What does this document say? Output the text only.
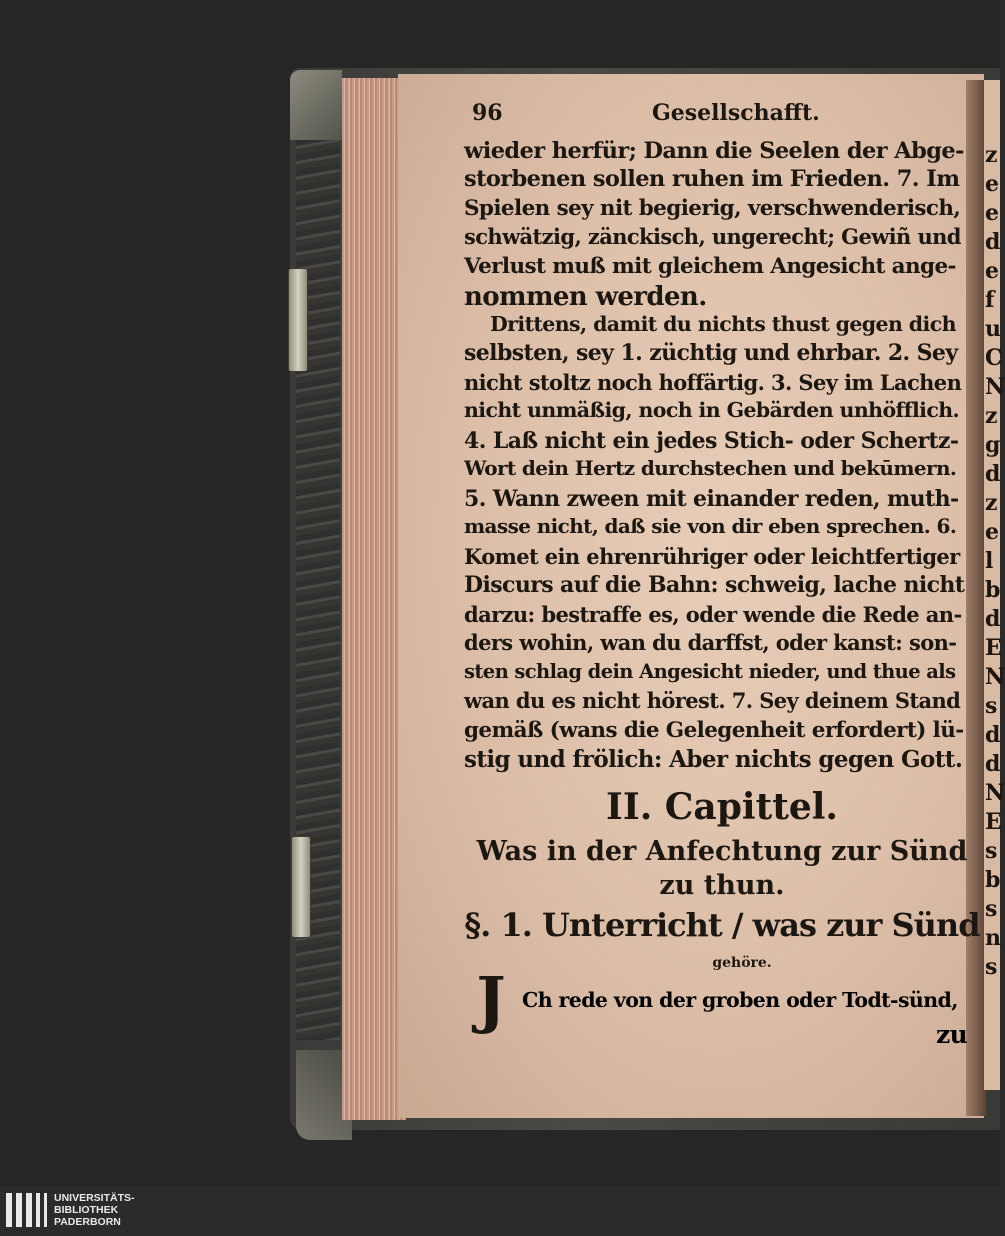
z
e
e
d
e
f
u
C
N
z
g
d
z
e
l
b
d
E
N
s
d
d
N
E
s
b
s
n
s
96	Gesellschafft.
wieder herfür; Dann die Seelen der Abge-
storbenen sollen ruhen im Frieden. 7. Im
Spielen sey nit begierig, verschwenderisch,
schwätzig, zänckisch, ungerecht; Gewiñ und
Verlust muß mit gleichem Angesicht ange-
nommen werden.
Drittens, damit du nichts thust gegen dich
selbsten, sey 1. züchtig und ehrbar. 2. Sey
nicht stoltz noch hoffärtig. 3. Sey im Lachen
nicht unmäßig, noch in Gebärden unhöfflich.
4. Laß nicht ein jedes Stich- oder Schertz-
Wort dein Hertz durchstechen und bekūmern.
5. Wann zween mit einander reden, muth-
masse nicht, daß sie von dir eben sprechen. 6.
Komet ein ehrenrühriger oder leichtfertiger
Discurs auf die Bahn: schweig, lache nicht
darzu: bestraffe es, oder wende die Rede an-
ders wohin, wan du darffst, oder kanst: son-
sten schlag dein Angesicht nieder, und thue als
wan du es nicht hörest. 7. Sey deinem Stand
gemäß (wans die Gelegenheit erfordert) lü-
stig und frölich: Aber nichts gegen Gott.
II. Capittel.
Was in der Anfechtung zur Sünd
zu thun.
§. 1. Unterricht / was zur Sünd
gehöre.
J Ch rede von der groben oder Todt-sünd,
zu
UNIVERSITÄTS-
BIBLIOTHEK
PADERBORN
